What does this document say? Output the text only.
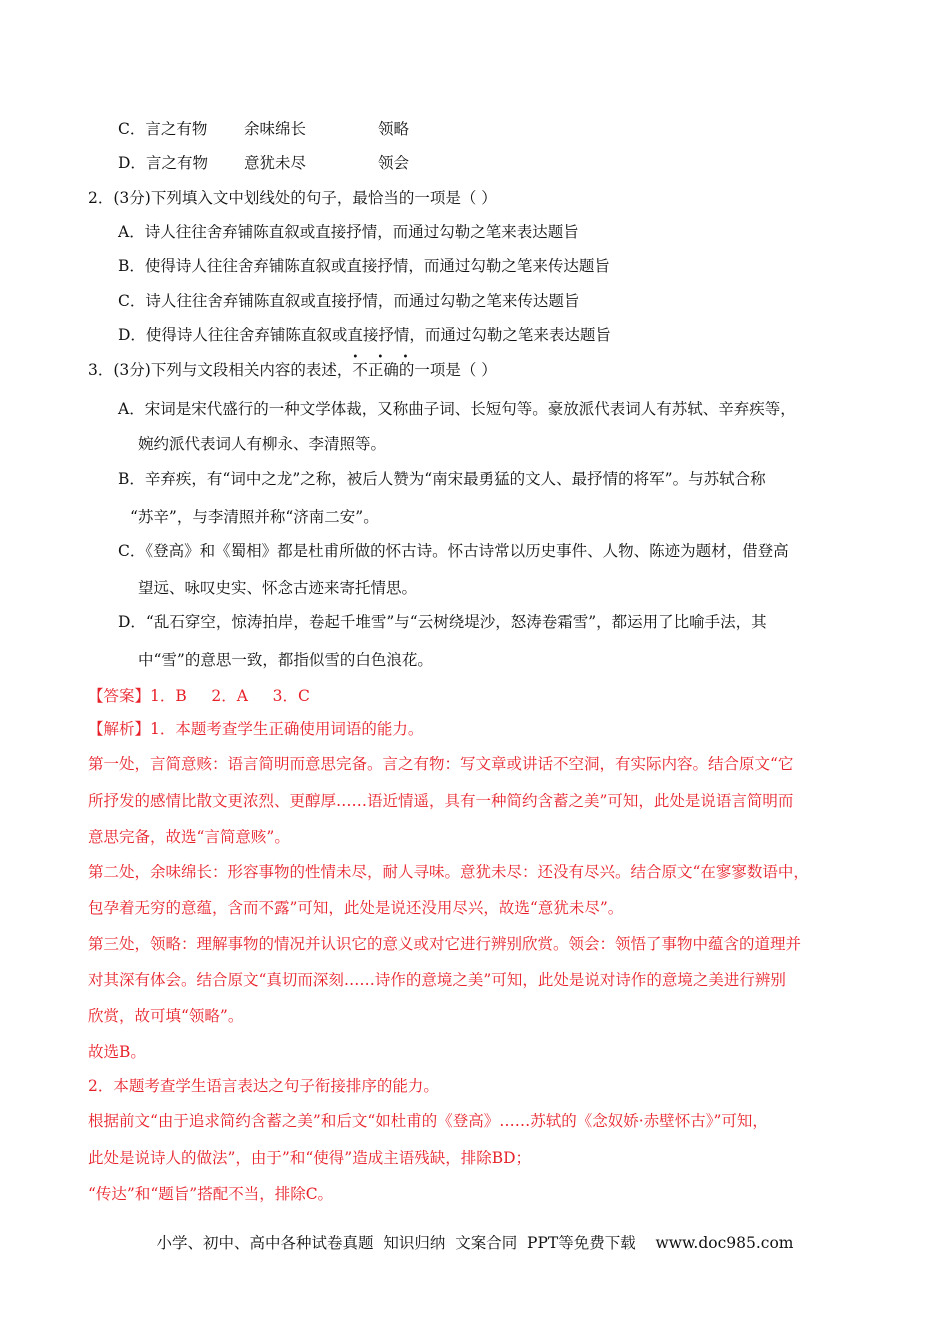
C．言之有物 余味绵长	领略
D．言之有物 意犹未尽	领会
2．(3分)下列填入文中划线处的句子，最恰当的一项是（ ）
A．诗人往往舍弃铺陈直叙或直接抒情，而通过勾勒之笔来表达题旨
B．使得诗人往往舍弃铺陈直叙或直接抒情，而通过勾勒之笔来传达题旨
C．诗人往往舍弃铺陈直叙或直接抒情，而通过勾勒之笔来传达题旨
D．使得诗人往往舍弃铺陈直叙或直接抒情，而通过勾勒之笔来表达题旨
3．(3分)下列与文段相关内容的表述，
• • •
不正确的一项是（ ）
A．宋词是宋代盛行的一种文学体裁，又称曲子词、长短句等。豪放派代表词人有苏轼、辛弃疾等，
婉约派代表词人有柳永、李清照等。
B．辛弃疾，有“词中之龙”之称，被后人赞为“南宋最勇猛的文人、最抒情的将军”。与苏轼合称
“苏辛”，与李清照并称“济南二安”。
C．《登高》和《蜀相》都是杜甫所做的怀古诗。怀古诗常以历史事件、人物、陈迹为题材，借登高
望远、咏叹史实、怀念古迹来寄托情思。
D．“乱石穿空，惊涛拍岸，卷起千堆雪”与“云树绕堤沙，怒涛卷霜雪”，都运用了比喻手法，其
中“雪”的意思一致，都指似雪的白色浪花。
【答案】1．B     2．A     3．C
【解析】1．本题考查学生正确使用词语的能力。
第一处，言简意赅：语言简明而意思完备。言之有物：写文章或讲话不空洞，有实际内容。结合原文“它
所抒发的感情比散文更浓烈、更醇厚……语近情遥，具有一种简约含蓄之美”可知，此处是说语言简明而
意思完备，故选“言简意赅”。
第二处，余味绵长：形容事物的性情未尽，耐人寻味。意犹未尽：还没有尽兴。结合原文“在寥寥数语中，
包孕着无穷的意蕴，含而不露”可知，此处是说还没用尽兴，故选“意犹未尽”。
第三处，领略：理解事物的情况并认识它的意义或对它进行辨别欣赏。领会：领悟了事物中蕴含的道理并
对其深有体会。结合原文“真切而深刻……诗作的意境之美”可知，此处是说对诗作的意境之美进行辨别
欣赏，故可填“领略”。
故选B。
2．本题考查学生语言表达之句子衔接排序的能力。
根据前文“由于追求简约含蓄之美”和后文“如杜甫的《登高》……苏轼的《念奴娇·赤壁怀古》”可知，
此处是说诗人的做法”，由于”和“使得”造成主语残缺，排除BD；
“传达”和“题旨”搭配不当，排除C。
小学、初中、高中各种试卷真题  知识归纳  文案合同  PPT等免费下载    www.doc985.com
